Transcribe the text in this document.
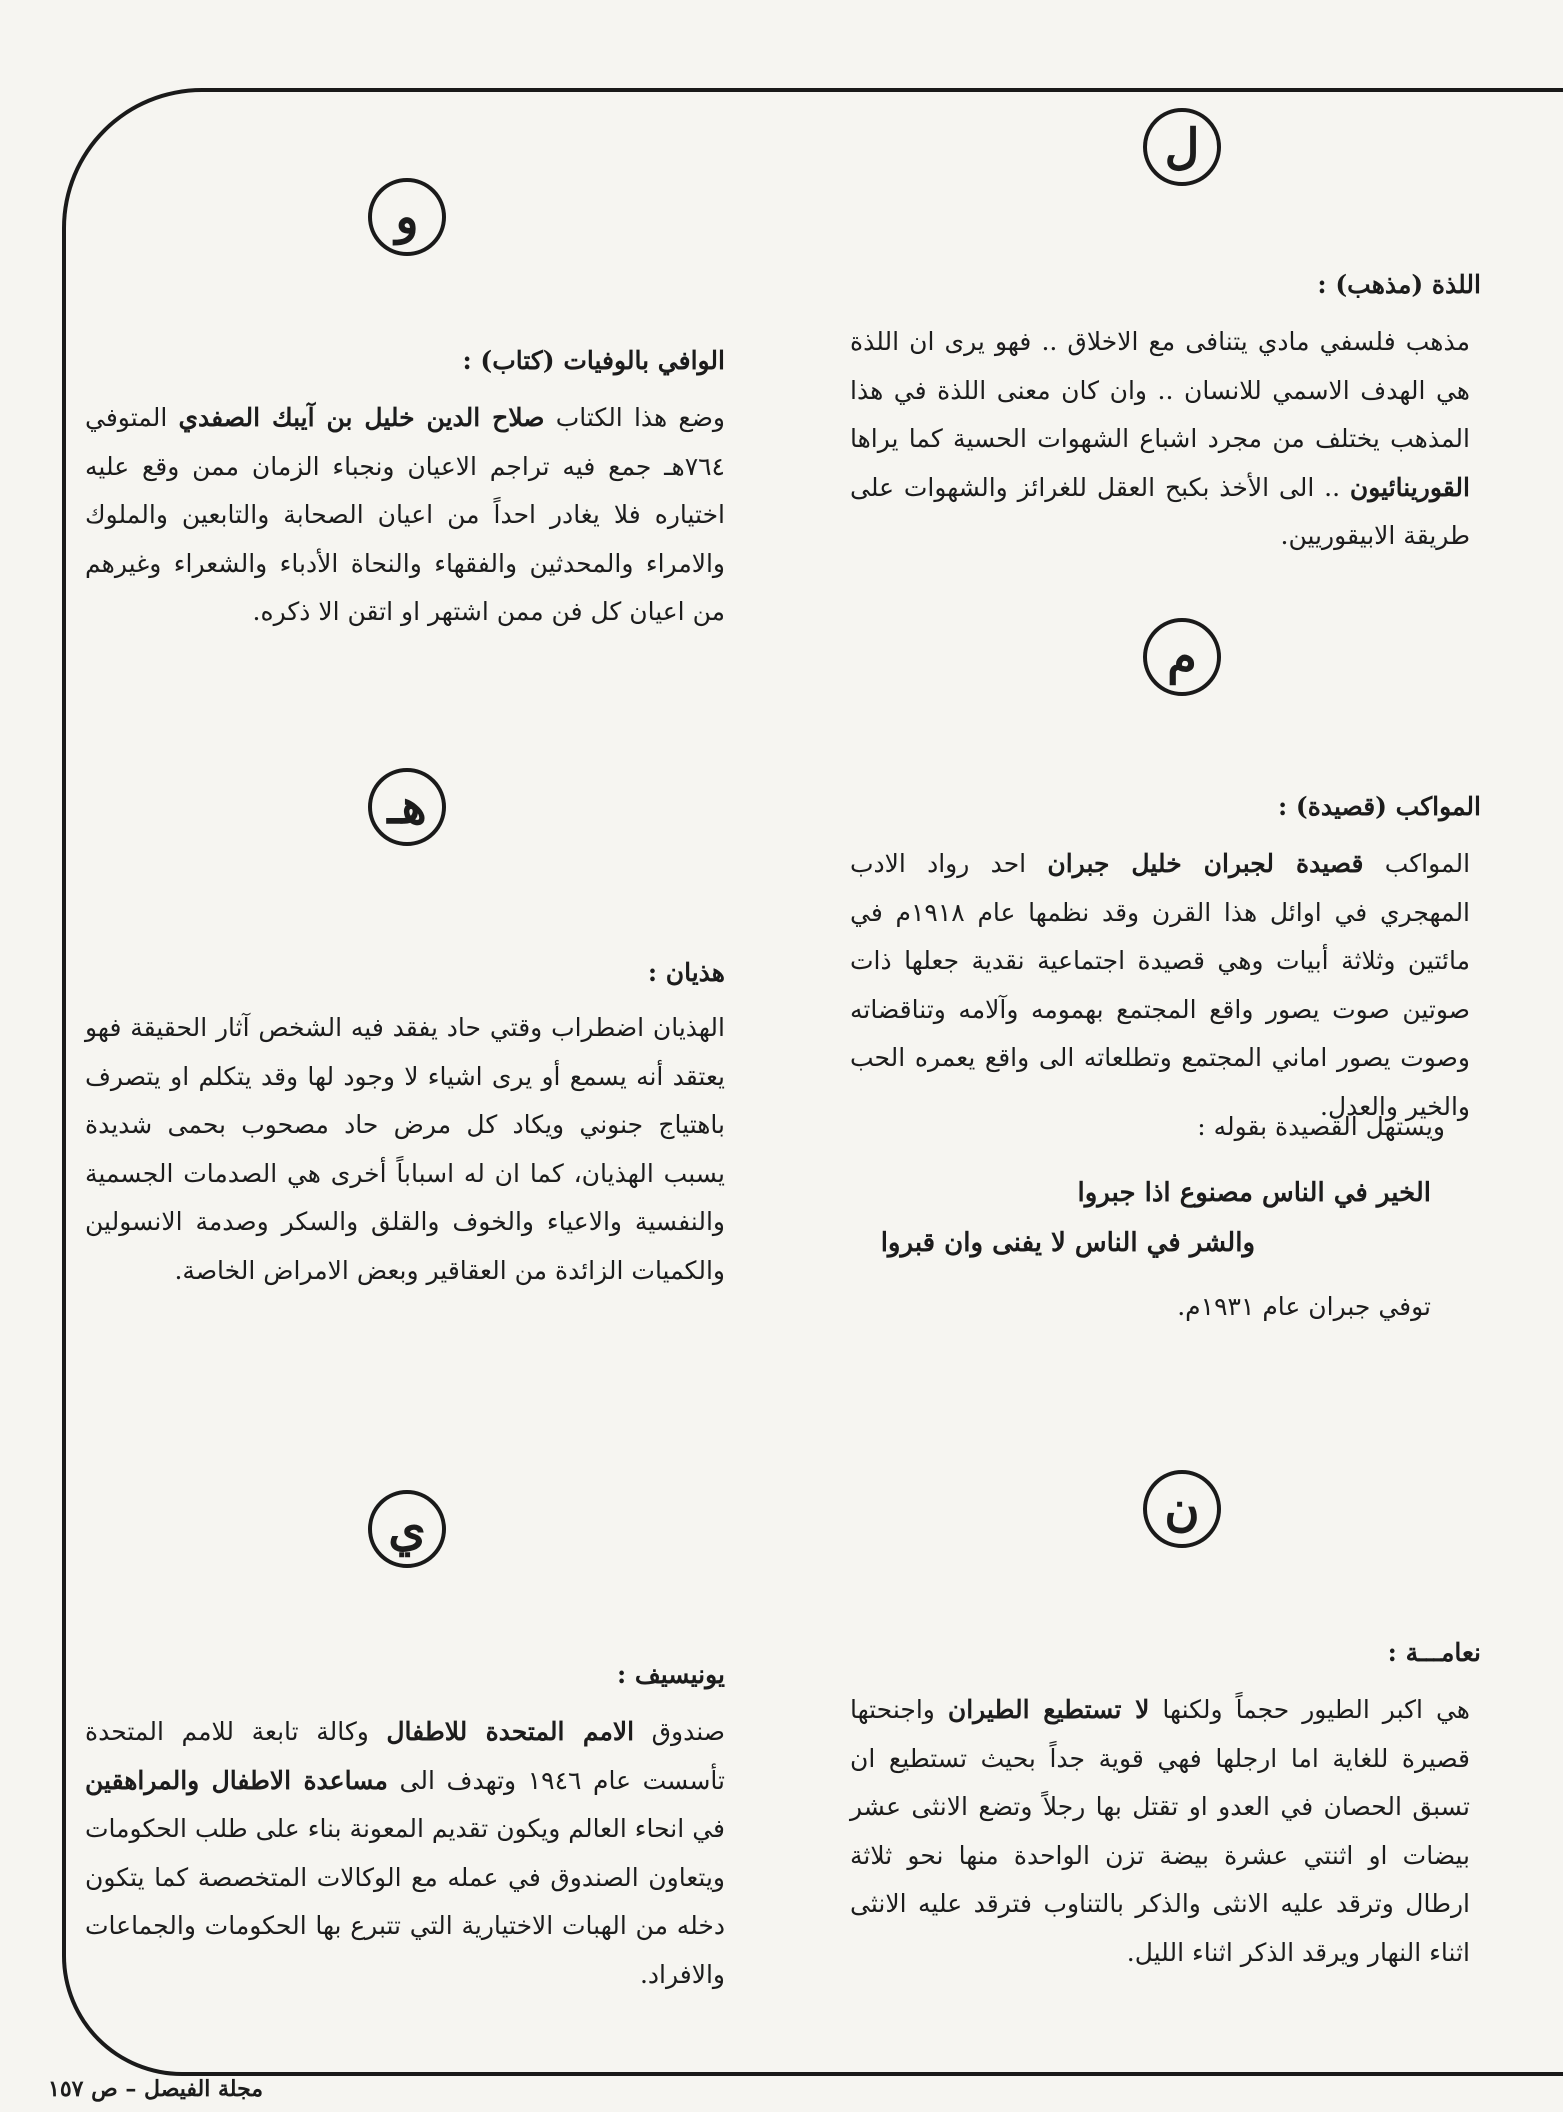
ل
اللذة (مذهب) :

مذهب فلسفي مادي يتنافى مع الاخلاق .. فهو يرى ان اللذة هي الهدف الاسمي للانسان .. وان كان معنى اللذة في هذا المذهب يختلف من مجرد اشباع الشهوات الحسية كما يراها القورينائيون .. الى الأخذ بكبح العقل للغرائز والشهوات على طريقة الابيقوريين.

م
المواكب (قصيدة) :

المواكب قصيدة لجبران خليل جبران احد رواد الادب المهجري في اوائل هذا القرن وقد نظمها عام ١٩١٨م في مائتين وثلاثة أبيات وهي قصيدة اجتماعية نقدية جعلها ذات صوتين صوت يصور واقع المجتمع بهمومه وآلامه وتناقضاته وصوت يصور اماني المجتمع وتطلعاته الى واقع يعمره الحب والخير والعدل.

ويستهل القصيدة بقوله :
الخير في الناس مصنوع اذا جبروا
والشر في الناس لا يفنى وان قبروا
توفي جبران عام ١٩٣١م.
ن
نعامـــة :

هي اكبر الطيور حجماً ولكنها لا تستطيع الطيران واجنحتها قصيرة للغاية اما ارجلها فهي قوية جداً بحيث تستطيع ان تسبق الحصان في العدو او تقتل بها رجلاً وتضع الانثى عشر بيضات او اثنتي عشرة بيضة تزن الواحدة منها نحو ثلاثة ارطال وترقد عليه الانثى والذكر بالتناوب فترقد عليه الانثى اثناء النهار ويرقد الذكر اثناء الليل.

و
الوافي بالوفيات (كتاب) :

وضع هذا الكتاب صلاح الدين خليل بن آيبك الصفدي المتوفي ٧٦٤هـ جمع فيه تراجم الاعيان ونجباء الزمان ممن وقع عليه اختياره فلا يغادر احداً من اعيان الصحابة والتابعين والملوك والامراء والمحدثين والفقهاء والنحاة الأدباء والشعراء وغيرهم من اعيان كل فن ممن اشتهر او اتقن الا ذكره.

هـ
هذيان :

الهذيان اضطراب وقتي حاد يفقد فيه الشخص آثار الحقيقة فهو يعتقد أنه يسمع أو يرى اشياء لا وجود لها وقد يتكلم او يتصرف باهتياج جنوني ويكاد كل مرض حاد مصحوب بحمى شديدة يسبب الهذيان، كما ان له اسباباً أخرى هي الصدمات الجسمية والنفسية والاعياء والخوف والقلق والسكر وصدمة الانسولين والكميات الزائدة من العقاقير وبعض الامراض الخاصة.

ي
يونيسيف :

صندوق الامم المتحدة للاطفال وكالة تابعة للامم المتحدة تأسست عام ١٩٤٦ وتهدف الى مساعدة الاطفال والمراهقين في انحاء العالم ويكون تقديم المعونة بناء على طلب الحكومات ويتعاون الصندوق في عمله مع الوكالات المتخصصة كما يتكون دخله من الهبات الاختيارية التي تتبرع بها الحكومات والجماعات والافراد.

مجلة الفيصل – ص ١٥٧
